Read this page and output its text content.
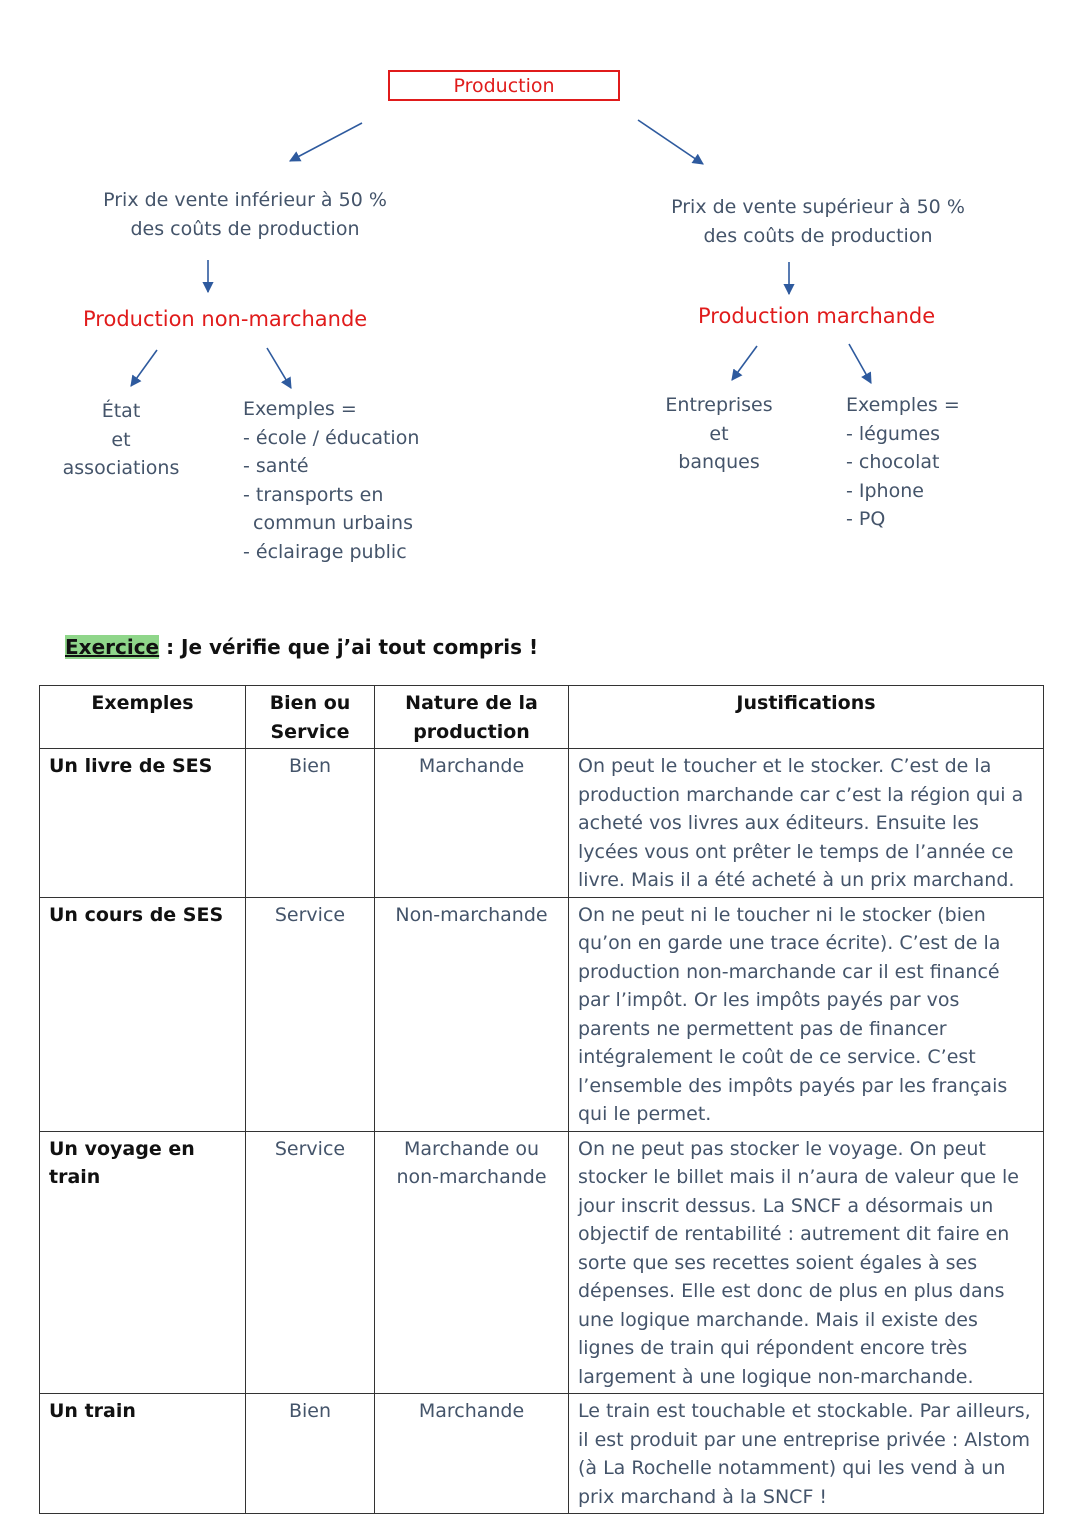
Production
Prix de vente inférieur à 50 %
des coûts de production
Production non-marchande
État
et
associations
Exemples =
- école / éducation
- santé
- transports en
commun urbains
- éclairage public
Prix de vente supérieur à 50 %
des coûts de production
Production marchande
Entreprises
et
banques
Exemples =
- légumes
- chocolat
- Iphone
- PQ
Exercice : Je vérifie que j’ai tout compris !
Exemples	Bien ou Service	Nature de la production	Justifications
Un livre de SES	Bien	Marchande	On peut le toucher et le stocker. C’est de la production marchande car c’est la région qui a acheté vos livres aux éditeurs. Ensuite les lycées vous ont prêter le temps de l’année ce livre. Mais il a été acheté à un prix marchand.
Un cours de SES	Service	Non-marchande	On ne peut ni le toucher ni le stocker (bien qu’on en garde une trace écrite). C’est de la production non-marchande car il est financé par l’impôt. Or les impôts payés par vos parents ne permettent pas de financer intégralement le coût de ce service. C’est l’ensemble des impôts payés par les français qui le permet.
Un voyage en train	Service	Marchande ou non-marchande	On ne peut pas stocker le voyage. On peut stocker le billet mais il n’aura de valeur que le jour inscrit dessus. La SNCF a désormais un objectif de rentabilité : autrement dit faire en sorte que ses recettes soient égales à ses dépenses. Elle est donc de plus en plus dans une logique marchande. Mais il existe des lignes de train qui répondent encore très largement à une logique non-marchande.
Un train	Bien	Marchande	Le train est touchable et stockable. Par ailleurs, il est produit par une entreprise privée : Alstom (à La Rochelle notamment) qui les vend à un prix marchand à la SNCF !
